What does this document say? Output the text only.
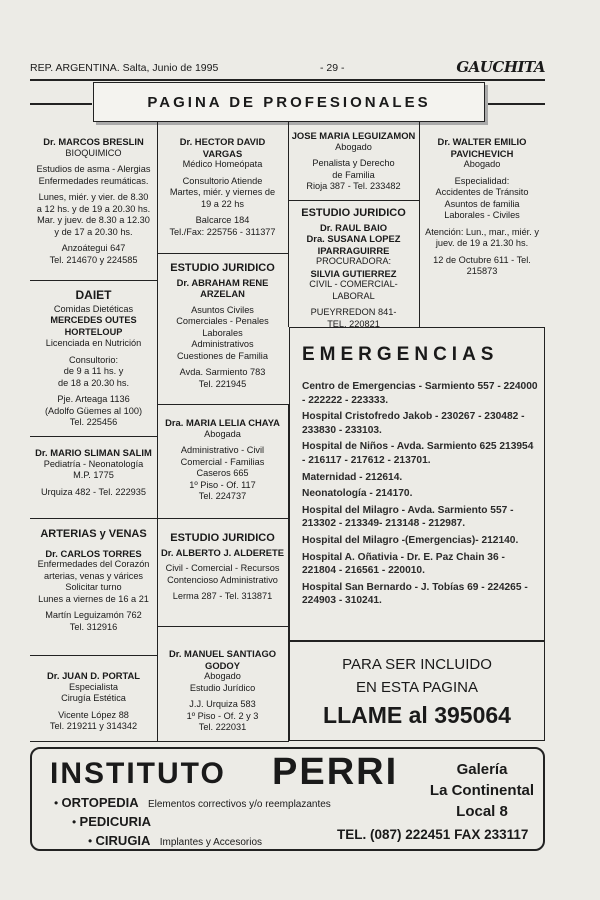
REP. ARGENTINA. Salta, Junio de 1995	- 29 -	GAUCHITA
PAGINA DE PROFESIONALES
Dr. MARCOS BRESLIN
BIOQUIMICO
Estudios de asma - Alergias
Enfermedades reumáticas.
Lunes, miér. y vier. de 8.30
a 12 hs. y de 19 a 20.30 hs.
Mar. y juev. de 8.30 a 12.30
y de 17 a 20.30 hs.
Anzoátegui 647
Tel. 214670 y 224585
DAIET
Comidas Dietéticas
MERCEDES OUTES
HORTELOUP
Licenciada en Nutrición
Consultorio:
de 9 a 11 hs. y
de 18 a 20.30 hs.
Pje. Arteaga 1136
(Adolfo Güemes al 100)
Tel. 225456
Dr. MARIO SLIMAN SALIM
Pediatría - Neonatología
M.P. 1775
Urquiza 482 - Tel. 222935
ARTERIAS y VENAS
Dr. CARLOS TORRES
Enfermedades del Corazón
arterias, venas y várices
Solicitar turno
Lunes a viernes de 16 a 21
Martín Leguizamón 762
Tel. 312916
Dr. JUAN D. PORTAL
Especialista
Cirugía Estética
Vicente López 88
Tel. 219211 y 314342
Dr. HECTOR DAVID VARGAS
Médico Homeópata
Consultorio Atiende
Martes, miér. y viernes de
19 a 22 hs
Balcarce 184
Tel./Fax: 225756 - 311377
ESTUDIO JURIDICO
Dr. ABRAHAM RENE
ARZELAN
Asuntos Civiles
Comerciales - Penales
Laborales
Administrativos
Cuestiones de Familia
Avda. Sarmiento 783
Tel. 221945
Dra. MARIA LELIA CHAYA
Abogada
Administrativo - Civil
Comercial - Familias
Caseros 665
1º Piso - Of. 117
Tel. 224737
ESTUDIO JURIDICO
Dr. ALBERTO J. ALDERETE
Civil - Comercial - Recursos
Contencioso Administrativo
Lerma 287 - Tel. 313871
Dr. MANUEL SANTIAGO
GODOY
Abogado
Estudio Jurídico
J.J. Urquiza 583
1º Piso - Of. 2 y 3
Tel. 222031
JOSE MARIA LEGUIZAMON
Abogado
Penalista y Derecho
de Familia
Rioja 387 - Tel. 233482
ESTUDIO JURIDICO
Dr. RAUL BAIO
Dra. SUSANA LOPEZ
IPARRAGUIRRE
PROCURADORA:
SILVIA GUTIERREZ
CIVIL - COMERCIAL-LABORAL
PUEYRREDON 841-
TEL. 220821
Dr. WALTER EMILIO
PAVICHEVICH
Abogado
Especialidad:
Accidentes de Tránsito
Asuntos de familia
Laborales - Civiles
Atención: Lun., mar., miér. y
juev. de 19 a 21.30 hs.
12 de Octubre 611 - Tel.
215873
EMERGENCIAS
Centro de Emergencias - Sarmiento 557 - 224000 - 222222 - 223333.
Hospital Cristofredo Jakob - 230267 - 230482 - 233830 - 233103.
Hospital de Niños - Avda. Sarmiento 625 213954 - 216117 - 217612 - 213701.
Maternidad - 212614.
Neonatología - 214170.
Hospital del Milagro - Avda. Sarmiento 557 - 213302 - 213349- 213148 - 212987.
Hospital del Milagro -(Emergencias)- 212140.
Hospital A. Oñativia - Dr. E. Paz Chain 36 - 221804 - 216561 - 220010.
Hospital San Bernardo - J. Tobías 69 - 224265 - 224903 - 310241.
PARA SER INCLUIDO
EN ESTA PAGINA
LLAME al 395064
INSTITUTO PERRI
• ORTOPEDIA Elementos correctivos y/o reemplazantes
• PEDICURIA
• CIRUGIA Implantes y Accesorios
Galería
La Continental
Local 8
TEL. (087) 222451 FAX 233117
